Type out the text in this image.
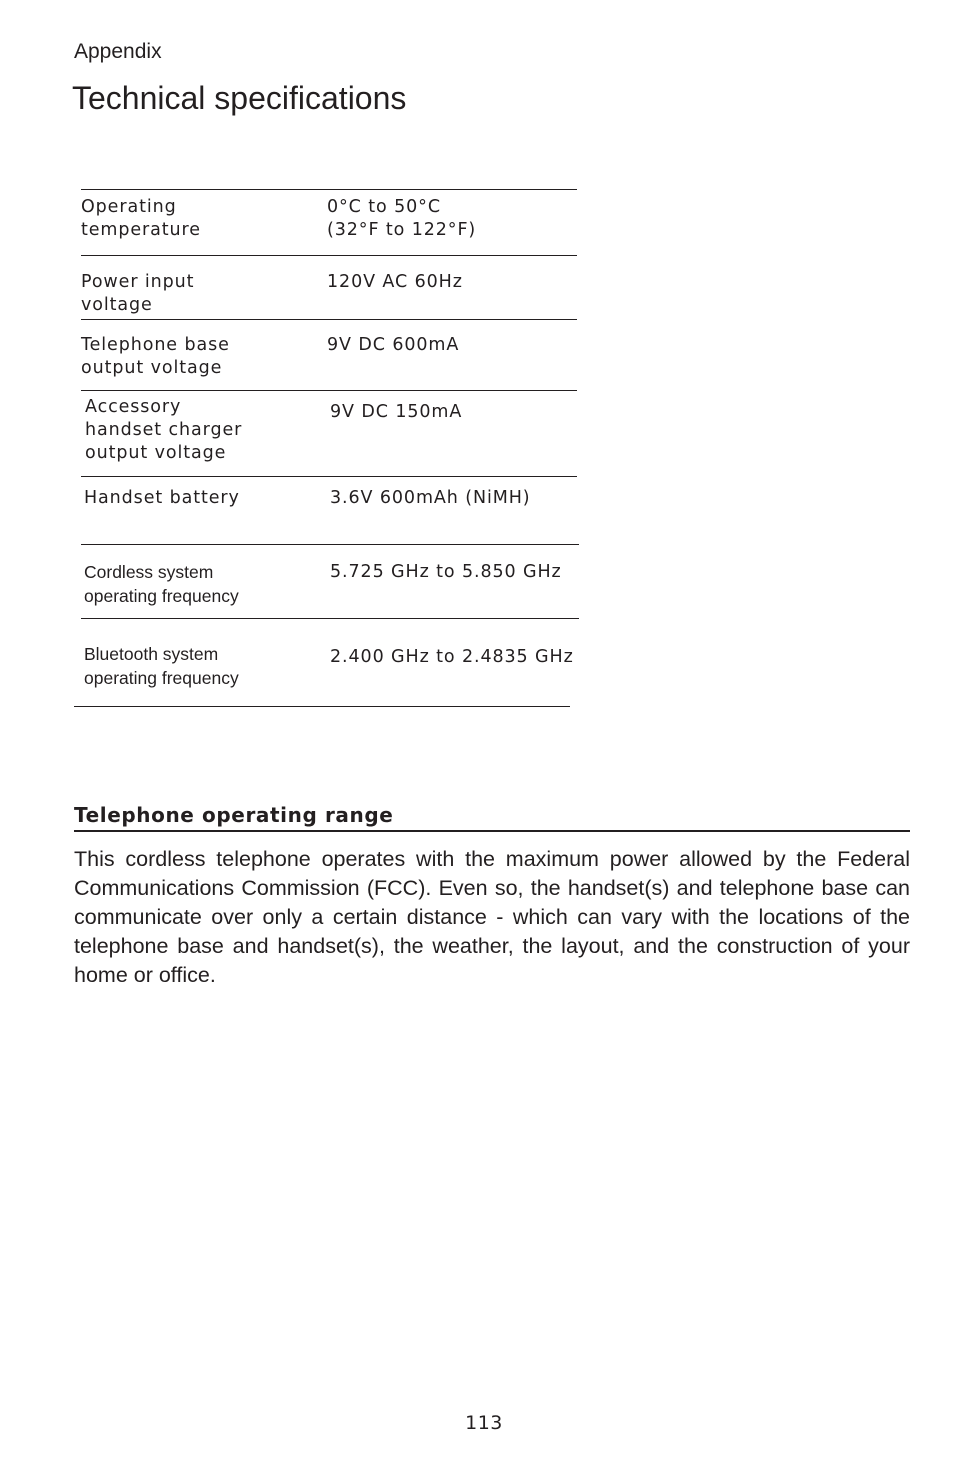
Appendix
Technical specifications
Operating
temperature
0°C to 50°C
(32°F to 122°F)
Power input
voltage
120V AC 60Hz
Telephone base
output voltage
9V DC 600mA
Accessory
handset charger
output voltage
9V DC 150mA
Handset battery	3.6V 600mAh (NiMH)
Cordless system
operating frequency
5.725 GHz to 5.850 GHz
Bluetooth system
operating frequency
2.400 GHz to 2.4835 GHz
Telephone operating range

This cordless telephone operates with the maximum power allowed by the Federal Communications Commission (FCC). Even so, the handset(s) and telephone base can communicate over only a certain distance - which can vary with the locations of the telephone base and handset(s), the weather, the layout, and the construction of your home or office.

113
